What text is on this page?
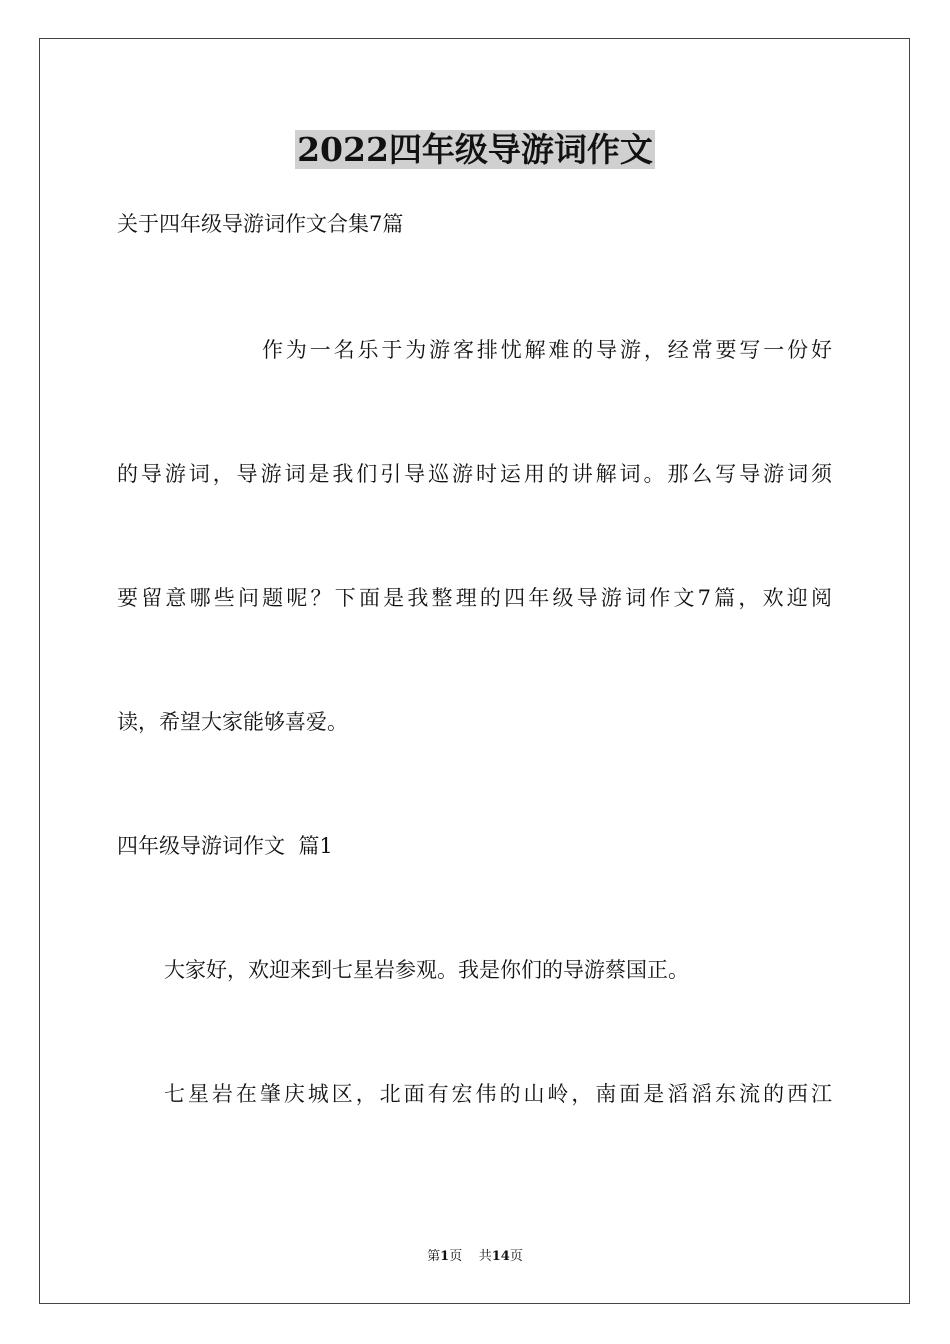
2022四年级导游词作文

关于四年级导游词作文合集7篇

作为一名乐于为游客排忧解难的导游，经常要写一份好

的导游词，导游词是我们引导巡游时运用的讲解词。那么写导游词须

要留意哪些问题呢？下面是我整理的四年级导游词作文7篇，欢迎阅

读，希望大家能够喜爱。

四年级导游词作文  篇1

大家好，欢迎来到七星岩参观。我是你们的导游蔡国正。

七星岩在肇庆城区，北面有宏伟的山岭，南面是滔滔东流的西江

第1页 共14页
